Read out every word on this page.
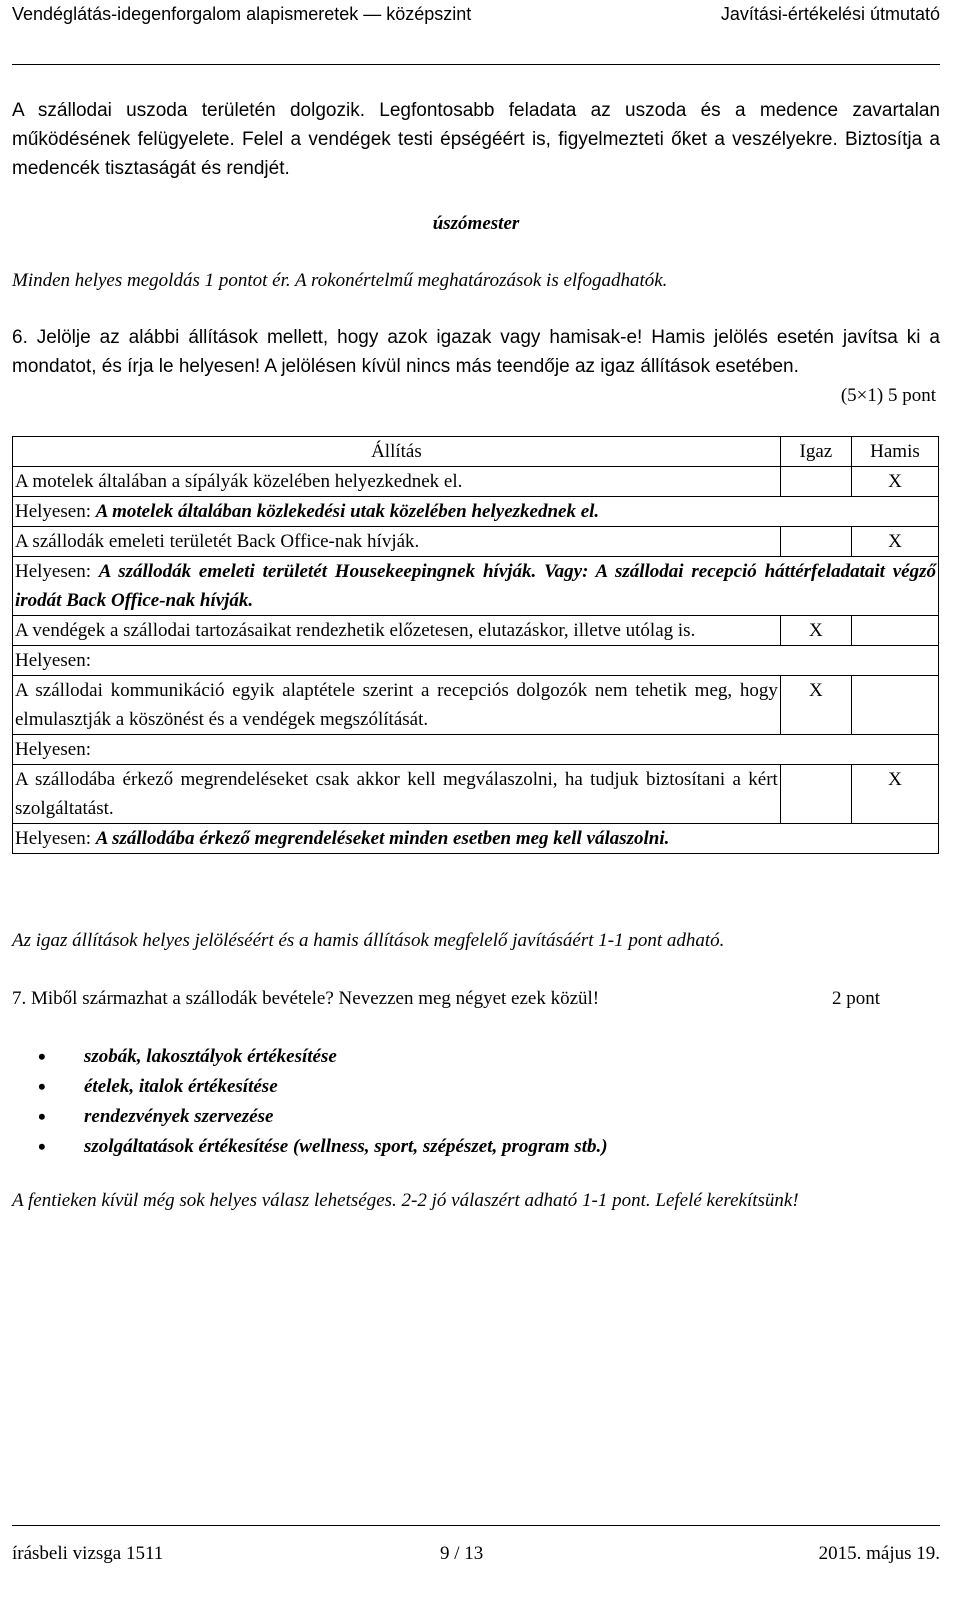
Vendéglátás-idegenforgalom alapismeretek — középszint	Javítási-értékelési útmutató
A szállodai uszoda területén dolgozik. Legfontosabb feladata az uszoda és a medence zavartalan működésének felügyelete. Felel a vendégek testi épségéért is, figyelmezteti őket a veszélyekre. Biztosítja a medencék tisztaságát és rendjét.
úszómester
Minden helyes megoldás 1 pontot ér. A rokonértelmű meghatározások is elfogadhatók.
6. Jelölje az alábbi állítások mellett, hogy azok igazak vagy hamisak-e! Hamis jelölés esetén javítsa ki a mondatot, és írja le helyesen! A jelölésen kívül nincs más teendője az igaz állítások esetében.
(5×1) 5 pont
Állítás	Igaz	Hamis
A motelek általában a sípályák közelében helyezkednek el.		X
Helyesen: A motelek általában közlekedési utak közelében helyezkednek el.		
A szállodák emeleti területét Back Office-nak hívják.		X
Helyesen: A szállodák emeleti területét Housekeepingnek hívják. Vagy: A szállodai recepció háttérfeladatait végző irodát Back Office-nak hívják.		
A vendégek a szállodai tartozásaikat rendezhetik előzetesen, elutazáskor, illetve utólag is.	X	
Helyesen:		
A szállodai kommunikáció egyik alaptétele szerint a recepciós dolgozók nem tehetik meg, hogy elmulasztják a köszönést és a vendégek megszólítását.	X	
Helyesen:		
A szállodába érkező megrendeléseket csak akkor kell megválaszolni, ha tudjuk biztosítani a kért szolgáltatást.		X
Helyesen: A szállodába érkező megrendeléseket minden esetben meg kell válaszolni.		
Az igaz állítások helyes jelöléséért és a hamis állítások megfelelő javításáért 1-1 pont adható.
7. Miből származhat a szállodák bevétele? Nevezzen meg négyet ezek közül!	2 pont
• szobák, lakosztályok értékesítése
• ételek, italok értékesítése
• rendezvények szervezése
• szolgáltatások értékesítése (wellness, sport, szépészet, program stb.)
A fentieken kívül még sok helyes válasz lehetséges. 2-2 jó válaszért adható 1-1 pont. Lefelé kerekítsünk!
írásbeli vizsga 1511	9 / 13	2015. május 19.
